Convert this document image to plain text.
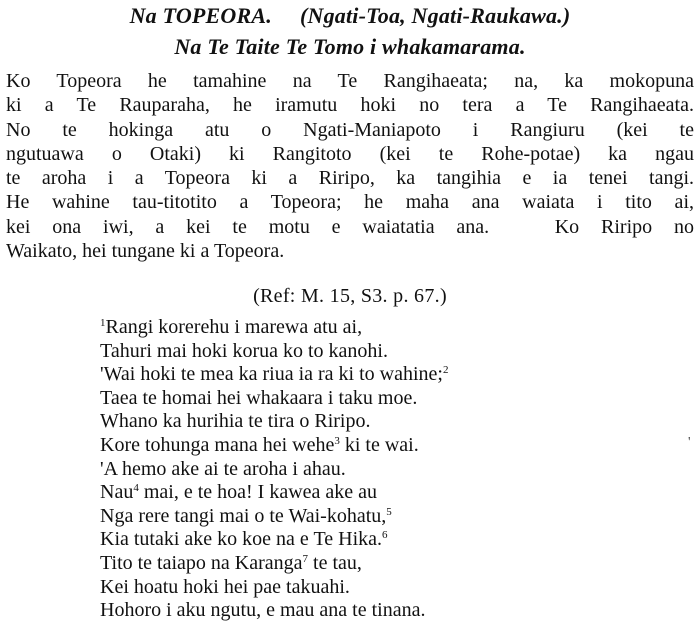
Na TOPEORA. (Ngati-Toa, Ngati-Raukawa.)
Na Te Taite Te Tomo i whakamarama.
Ko Topeora he tamahine na Te Rangihaeata; na, ka mokopuna
ki a Te Rauparaha, he iramutu hoki no tera a Te Rangihaeata.
No te hokinga atu o Ngati-Maniapoto i Rangiuru (kei te
ngutuawa o Otaki) ki Rangitoto (kei te Rohe-potae) ka ngau
te aroha i a Topeora ki a Riripo, ka tangihia e ia tenei tangi.
He wahine tau-titotito a Topeora; he maha ana waiata i tito ai,
kei ona iwi, a kei te motu e waiatatia ana.   Ko Riripo no
Waikato, hei tungane ki a Topeora.
(Ref: M. 15, S3. p. 67.)
$^1$Rangi korerehu i marewa atu ai,
Tahuri mai hoki korua ko to kanohi.
'Wai hoki te mea ka riua ia ra ki to wahine;$^2$
Taea te homai hei whakaara i taku moe.
Whano ka hurihia te tira o Riripo.
Kore tohunga mana hei wehe$^3$ ki te wai.
'A hemo ake ai te aroha i ahau.
Nau$^4$ mai, e te hoa! I kawea ake au
Nga rere tangi mai o te Wai-kohatu,$^5$
Kia tutaki ake ko koe na e Te Hika.$^6$
Tito te taiapo na Karanga$^7$ te tau,
Kei hoatu hoki hei pae takuahi.
Hohoro i aku ngutu, e mau ana te tinana.
'
